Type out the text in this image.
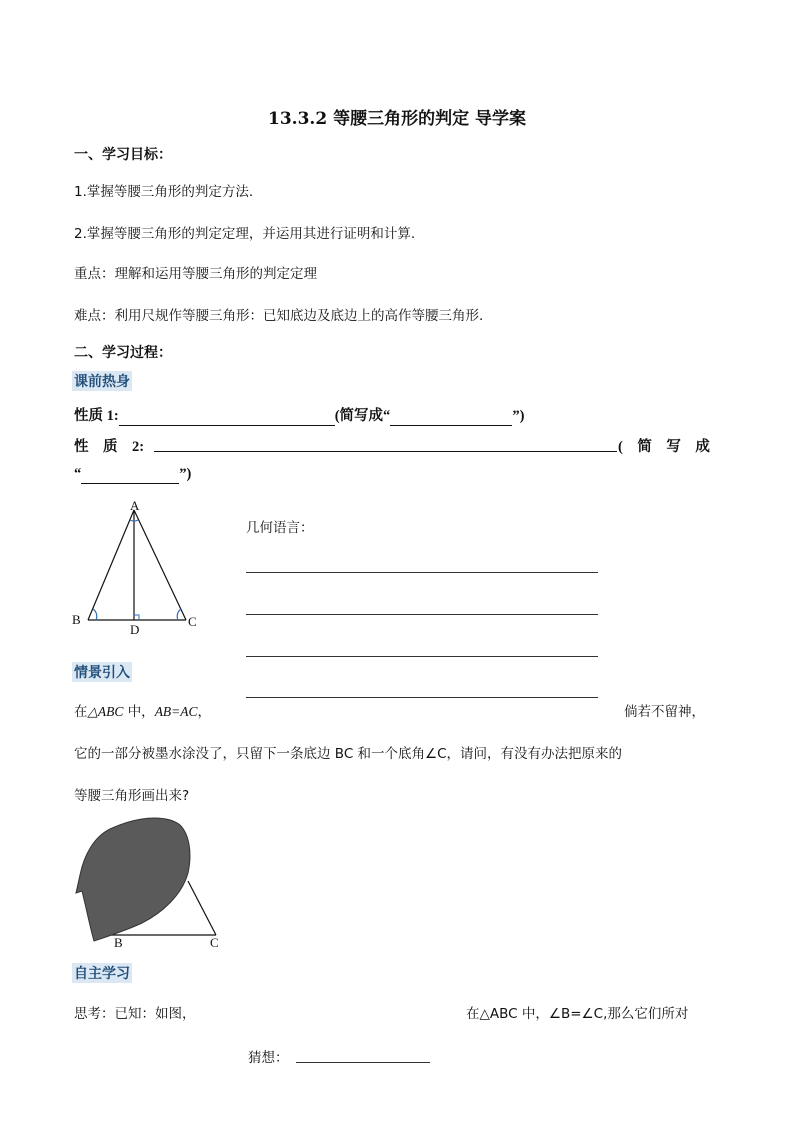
13.3.2 等腰三角形的判定 导学案
一、学习目标：
1.掌握等腰三角形的判定方法.
2.掌握等腰三角形的判定定理，并运用其进行证明和计算.
重点：理解和运用等腰三角形的判定定理
难点：利用尺规作等腰三角形：已知底边及底边上的高作等腰三角形.
二、学习过程：
课前热身
性质 1:	(简写成“	”)
性　质　2:	(　简　写　成
“	”)
A
B	C
D
几何语言：
情景引入
在△ABC 中，AB=AC，	倘若不留神，
它的一部分被墨水涂没了，只留下一条底边 BC 和一个底角∠C，请问，有没有办法把原来的
等腰三角形画出来?
B	C
自主学习
思考：已知：如图，	在△ABC 中，∠B=∠C,那么它们所对
猜想：
